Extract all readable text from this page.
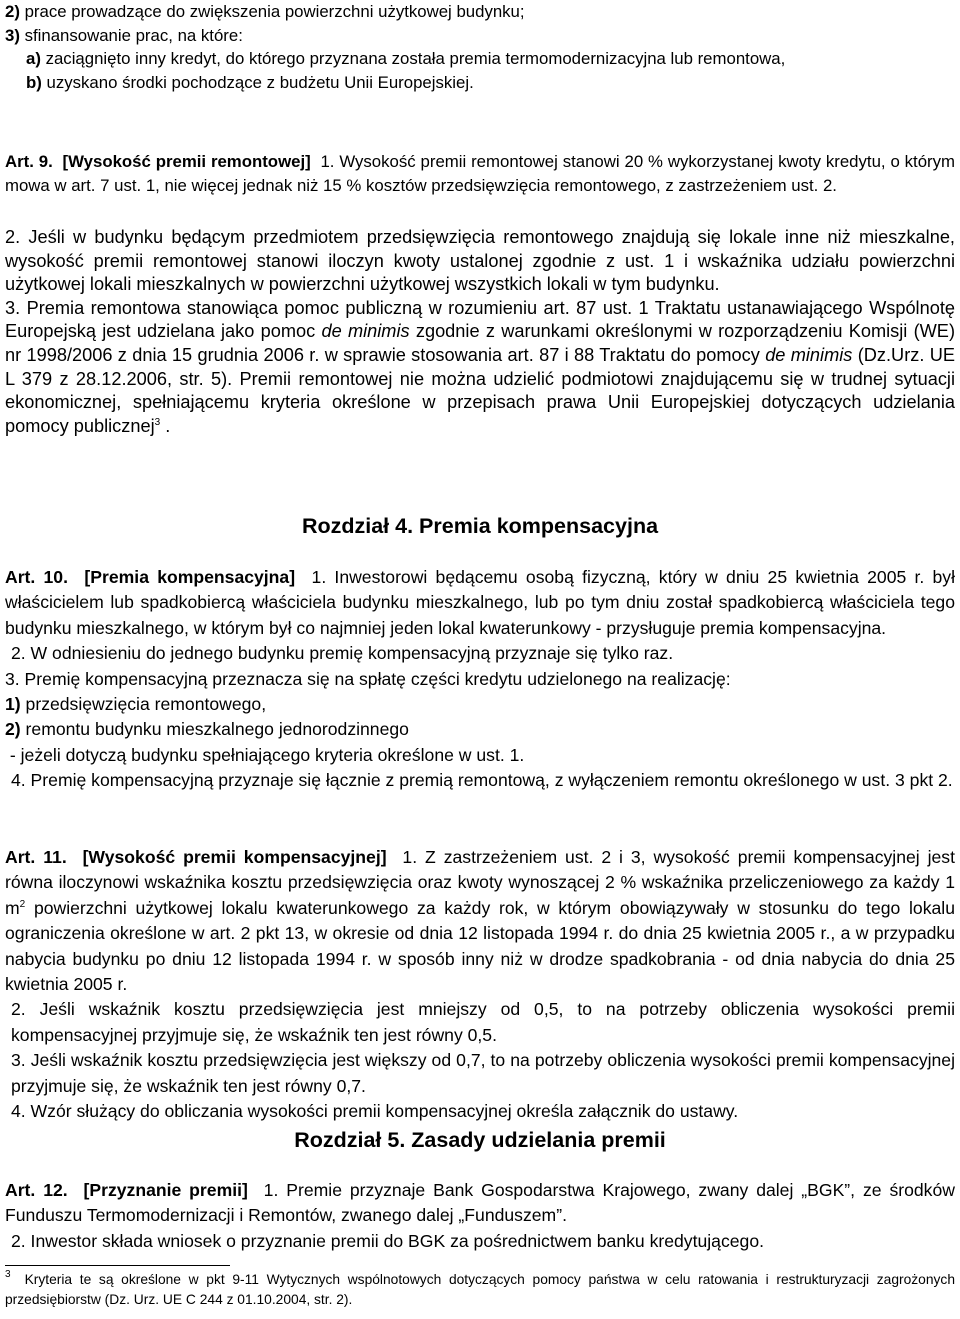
2) prace prowadzące do zwiększenia powierzchni użytkowej budynku;

3) sfinansowanie prac, na które:

a) zaciągnięto inny kredyt, do którego przyznana została premia termomodernizacyjna lub remontowa,

b) uzyskano środki pochodzące z budżetu Unii Europejskiej.

Art. 9.  [Wysokość premii remontowej]  1. Wysokość premii remontowej stanowi 20 % wykorzystanej kwoty kredytu, o którym mowa w art. 7 ust. 1, nie więcej jednak niż 15 % kosztów przedsięwzięcia remontowego, z zastrzeżeniem ust. 2.

2. Jeśli w budynku będącym przedmiotem przedsięwzięcia remontowego znajdują się lokale inne niż mieszkalne, wysokość premii remontowej stanowi iloczyn kwoty ustalonej zgodnie z ust. 1 i wskaźnika udziału powierzchni użytkowej lokali mieszkalnych w powierzchni użytkowej wszystkich lokali w tym budynku.

3. Premia remontowa stanowiąca pomoc publiczną w rozumieniu art. 87 ust. 1 Traktatu ustanawiającego Wspólnotę Europejską jest udzielana jako pomoc de minimis zgodnie z warunkami określonymi w rozporządzeniu Komisji (WE) nr 1998/2006 z dnia 15 grudnia 2006 r. w sprawie stosowania art. 87 i 88 Traktatu do pomocy de minimis (Dz.Urz. UE L 379 z 28.12.2006, str. 5). Premii remontowej nie można udzielić podmiotowi znajdującemu się w trudnej sytuacji ekonomicznej, spełniającemu kryteria określone w przepisach prawa Unii Europejskiej dotyczących udzielania pomocy publicznej$^3$ .

Rozdział 4. Premia kompensacyjna

Art. 10.  [Premia kompensacyjna]  1. Inwestorowi będącemu osobą fizyczną, który w dniu 25 kwietnia 2005 r. był właścicielem lub spadkobiercą właściciela budynku mieszkalnego, lub po tym dniu został spadkobiercą właściciela tego budynku mieszkalnego, w którym był co najmniej jeden lokal kwaterunkowy - przysługuje premia kompensacyjna.

2. W odniesieniu do jednego budynku premię kompensacyjną przyznaje się tylko raz.

3. Premię kompensacyjną przeznacza się na spłatę części kredytu udzielonego na realizację:

1) przedsięwzięcia remontowego,

2) remontu budynku mieszkalnego jednorodzinnego

- jeżeli dotyczą budynku spełniającego kryteria określone w ust. 1.

4. Premię kompensacyjną przyznaje się łącznie z premią remontową, z wyłączeniem remontu określonego w ust. 3 pkt 2.

Art. 11.  [Wysokość premii kompensacyjnej]  1. Z zastrzeżeniem ust. 2 i 3, wysokość premii kompensacyjnej jest równa iloczynowi wskaźnika kosztu przedsięwzięcia oraz kwoty wynoszącej 2 % wskaźnika przeliczeniowego za każdy 1 $m^2$ powierzchni użytkowej lokalu kwaterunkowego za każdy rok, w którym obowiązywały w stosunku do tego lokalu ograniczenia określone w art. 2 pkt 13, w okresie od dnia 12 listopada 1994 r. do dnia 25 kwietnia 2005 r., a w przypadku nabycia budynku po dniu 12 listopada 1994 r. w sposób inny niż w drodze spadkobrania - od dnia nabycia do dnia 25 kwietnia 2005 r.

2. Jeśli wskaźnik kosztu przedsięwzięcia jest mniejszy od 0,5, to na potrzeby obliczenia wysokości premii kompensacyjnej przyjmuje się, że wskaźnik ten jest równy 0,5.

3. Jeśli wskaźnik kosztu przedsięwzięcia jest większy od 0,7, to na potrzeby obliczenia wysokości premii kompensacyjnej przyjmuje się, że wskaźnik ten jest równy 0,7.

4. Wzór służący do obliczania wysokości premii kompensacyjnej określa załącznik do ustawy.

Rozdział 5. Zasady udzielania premii

Art. 12.  [Przyznanie premii]  1. Premie przyznaje Bank Gospodarstwa Krajowego, zwany dalej „BGK”, ze środków Funduszu Termomodernizacji i Remontów, zwanego dalej „Funduszem”.

2. Inwestor składa wniosek o przyznanie premii do BGK za pośrednictwem banku kredytującego.

$^3$ Kryteria te są określone w pkt 9-11 Wytycznych wspólnotowych dotyczących pomocy państwa w celu ratowania i restrukturyzacji zagrożonych przedsiębiorstw (Dz. Urz. UE C 244 z 01.10.2004, str. 2).
